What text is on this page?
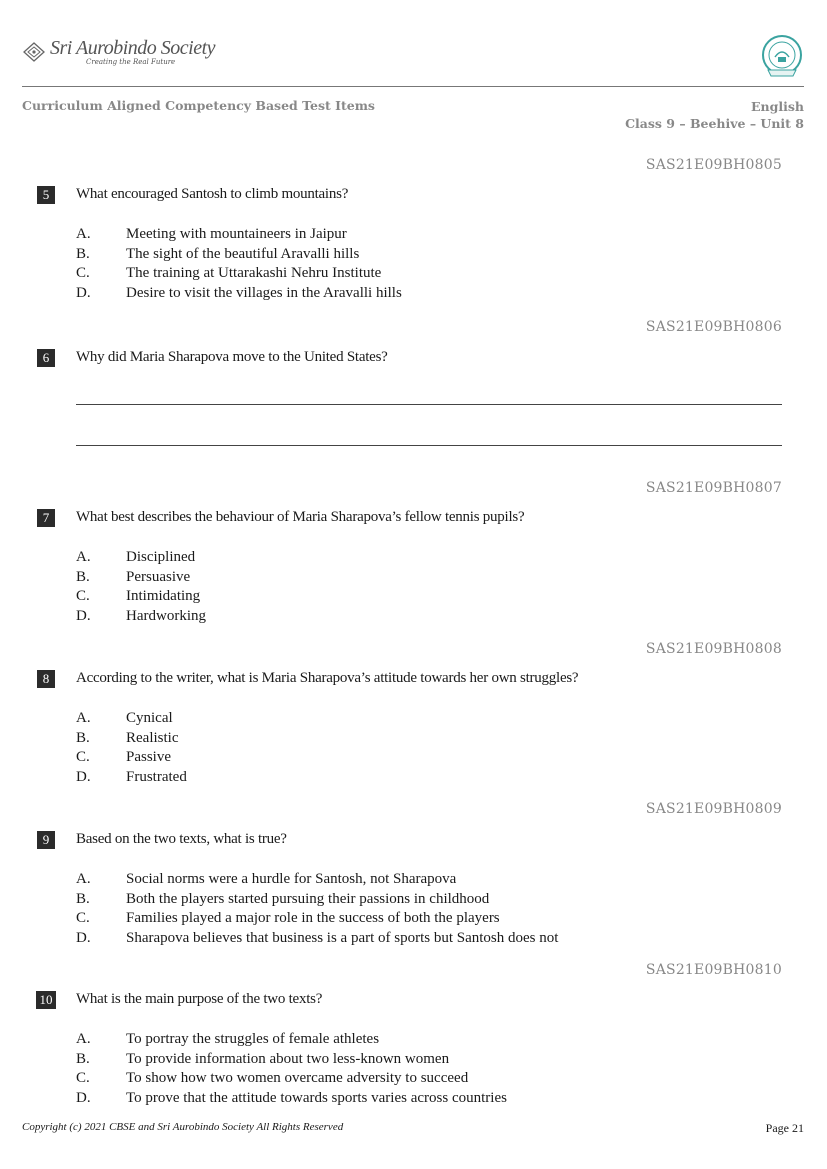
Sri Aurobindo Society
Creating the Real Future
Curriculum Aligned Competency Based Test Items	English
Class 9 – Beehive – Unit 8
SAS21E09BH0805
5	What encouraged Santosh to climb mountains?
A.	Meeting with mountaineers in Jaipur
B.	The sight of the beautiful Aravalli hills
C.	The training at Uttarakashi Nehru Institute
D.	Desire to visit the villages in the Aravalli hills
SAS21E09BH0806
6	Why did Maria Sharapova move to the United States?
SAS21E09BH0807
7	What best describes the behaviour of Maria Sharapova’s fellow tennis pupils?
A.	Disciplined
B.	Persuasive
C.	Intimidating
D.	Hardworking
SAS21E09BH0808
8	According to the writer, what is Maria Sharapova’s attitude towards her own struggles?
A.	Cynical
B.	Realistic
C.	Passive
D.	Frustrated
SAS21E09BH0809
9	Based on the two texts, what is true?
A.	Social norms were a hurdle for Santosh, not Sharapova
B.	Both the players started pursuing their passions in childhood
C.	Families played a major role in the success of both the players
D.	Sharapova believes that business is a part of sports but Santosh does not
SAS21E09BH0810
10 What is the main purpose of the two texts?
A.	To portray the struggles of female athletes
B.	To provide information about two less-known women
C.	To show how two women overcame adversity to succeed
D.	To prove that the attitude towards sports varies across countries
Copyright (c) 2021 CBSE and Sri Aurobindo Society All Rights Reserved	Page 21
